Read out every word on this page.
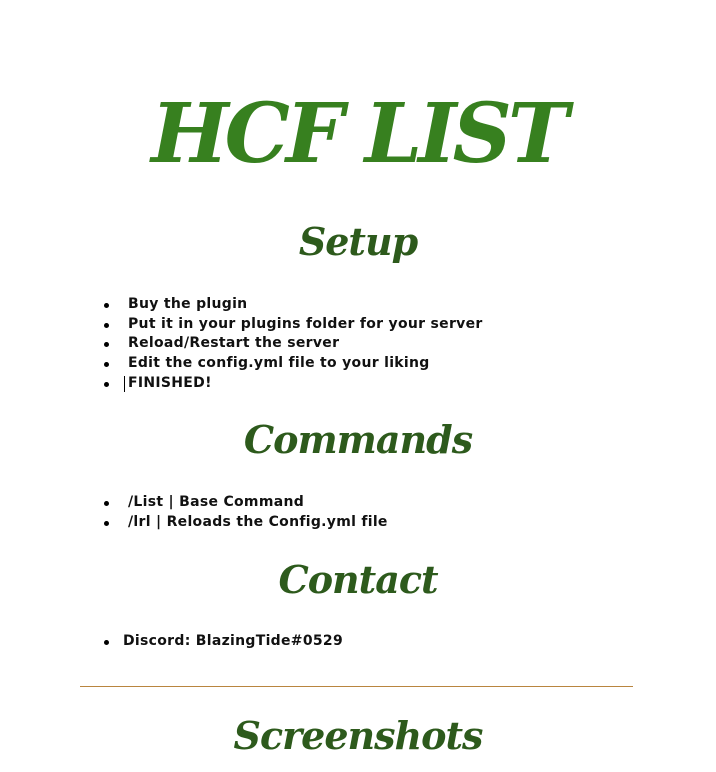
HCF LIST
Setup
Buy the plugin
Put it in your plugins folder for your server
Reload/Restart the server
Edit the config.yml file to your liking
FINISHED!
Commands
/List | Base Command
/lrl | Reloads the Config.yml file
Contact
Discord: BlazingTide#0529
Screenshots
